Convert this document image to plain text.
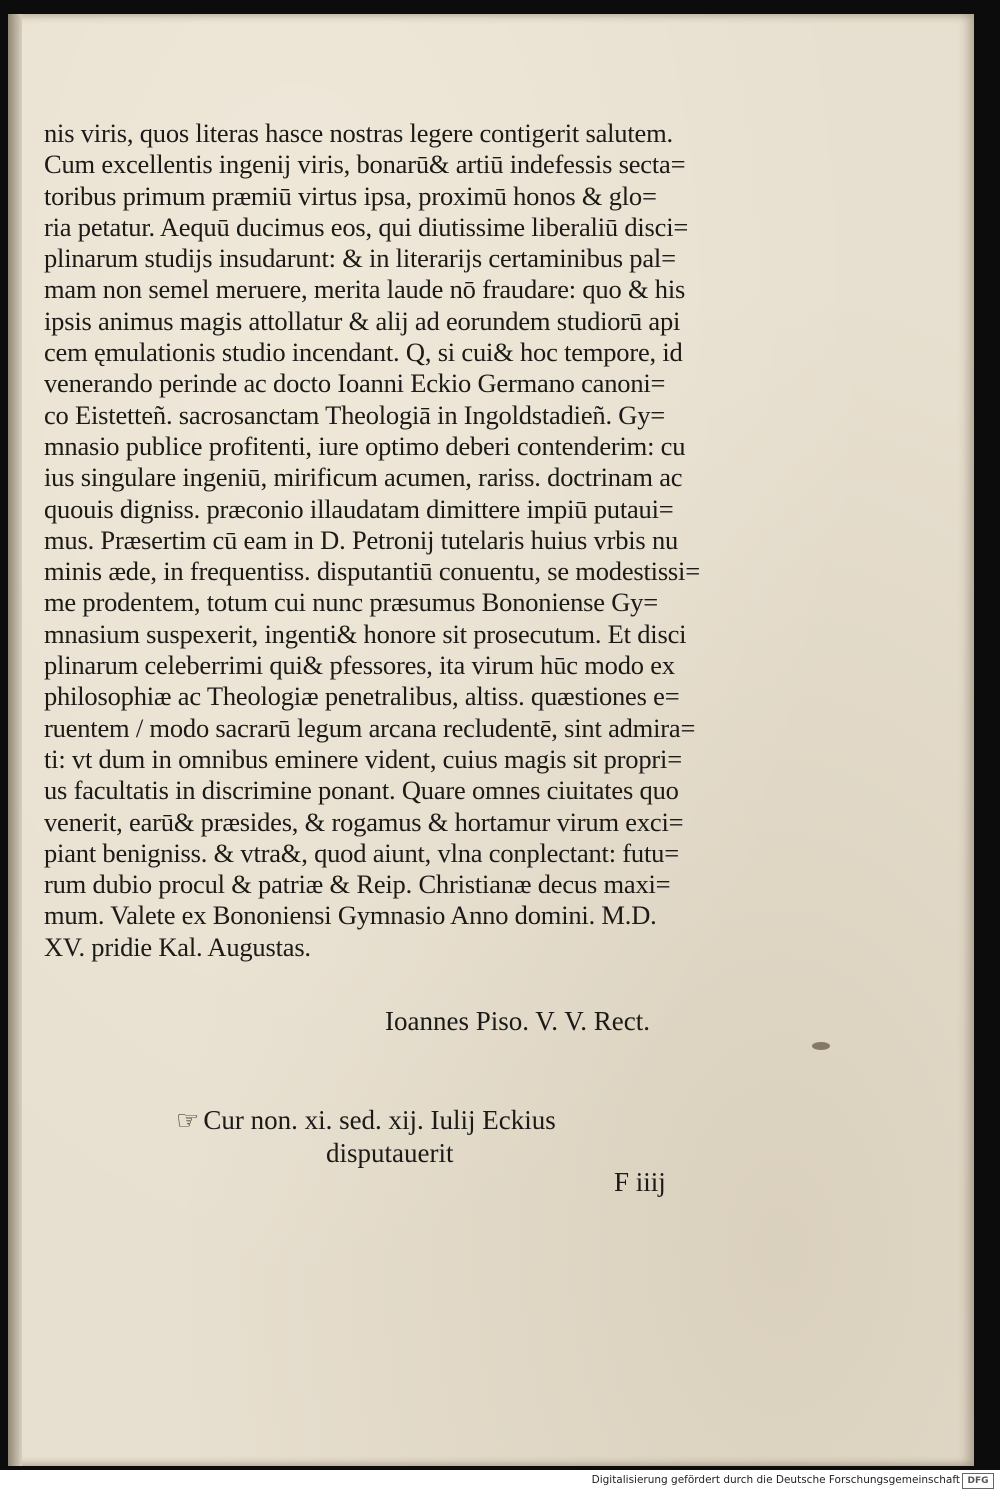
nis viris, quos literas hasce nostras legere contigerit salutem.
Cum excellentis ingenij viris, bonarū& artiū indefessis secta=
toribus primum præmiū virtus ipsa, proximū honos & glo=
ria petatur. Aequū ducimus eos, qui diutissime liberaliū disci=
plinarum studijs insudarunt: & in literarijs certaminibus pal=
mam non semel meruere, merita laude nō fraudare: quo & his
ipsis animus magis attollatur & alij ad eorundem studiorū api
cem ęmulationis studio incendant. Q, si cui& hoc tempore, id
venerando perinde ac docto Ioanni Eckio Germano canoni=
co Eistetteñ. sacrosanctam Theologiā in Ingoldstadieñ. Gy=
mnasio publice profitenti, iure optimo deberi contenderim: cu
ius singulare ingeniū, mirificum acumen, rariss. doctrinam ac
quouis digniss. præconio illaudatam dimittere impiū putaui=
mus. Præsertim cū eam in D. Petronij tutelaris huius vrbis nu
minis æde, in frequentiss. disputantiū conuentu, se modestissi=
me prodentem, totum cui nunc præsumus Bononiense Gy=
mnasium suspexerit, ingenti& honore sit prosecutum. Et disci
plinarum celeberrimi qui& pfessores, ita virum hūc modo ex
philosophiæ ac Theologiæ penetralibus, altiss. quæstiones e=
ruentem / modo sacrarū legum arcana recludentē, sint admira=
ti: vt dum in omnibus eminere vident, cuius magis sit propri=
us facultatis in discrimine ponant. Quare omnes ciuitates quo
venerit, earū& præsides, & rogamus & hortamur virum exci=
piant benigniss. & vtra&, quod aiunt, vlna conplectant: futu=
rum dubio procul & patriæ & Reip. Christianæ decus maxi=
mum. Valete ex Bononiensi Gymnasio Anno domini. M.D.
XV. pridie Kal. Augustas.
Ioannes Piso. V. V. Rect.
☞ Cur non. xi. sed. xij. Iulij Eckius
disputauerit
F iiij
Digitalisierung gefördert durch die Deutsche Forschungsgemeinschaft DFG
